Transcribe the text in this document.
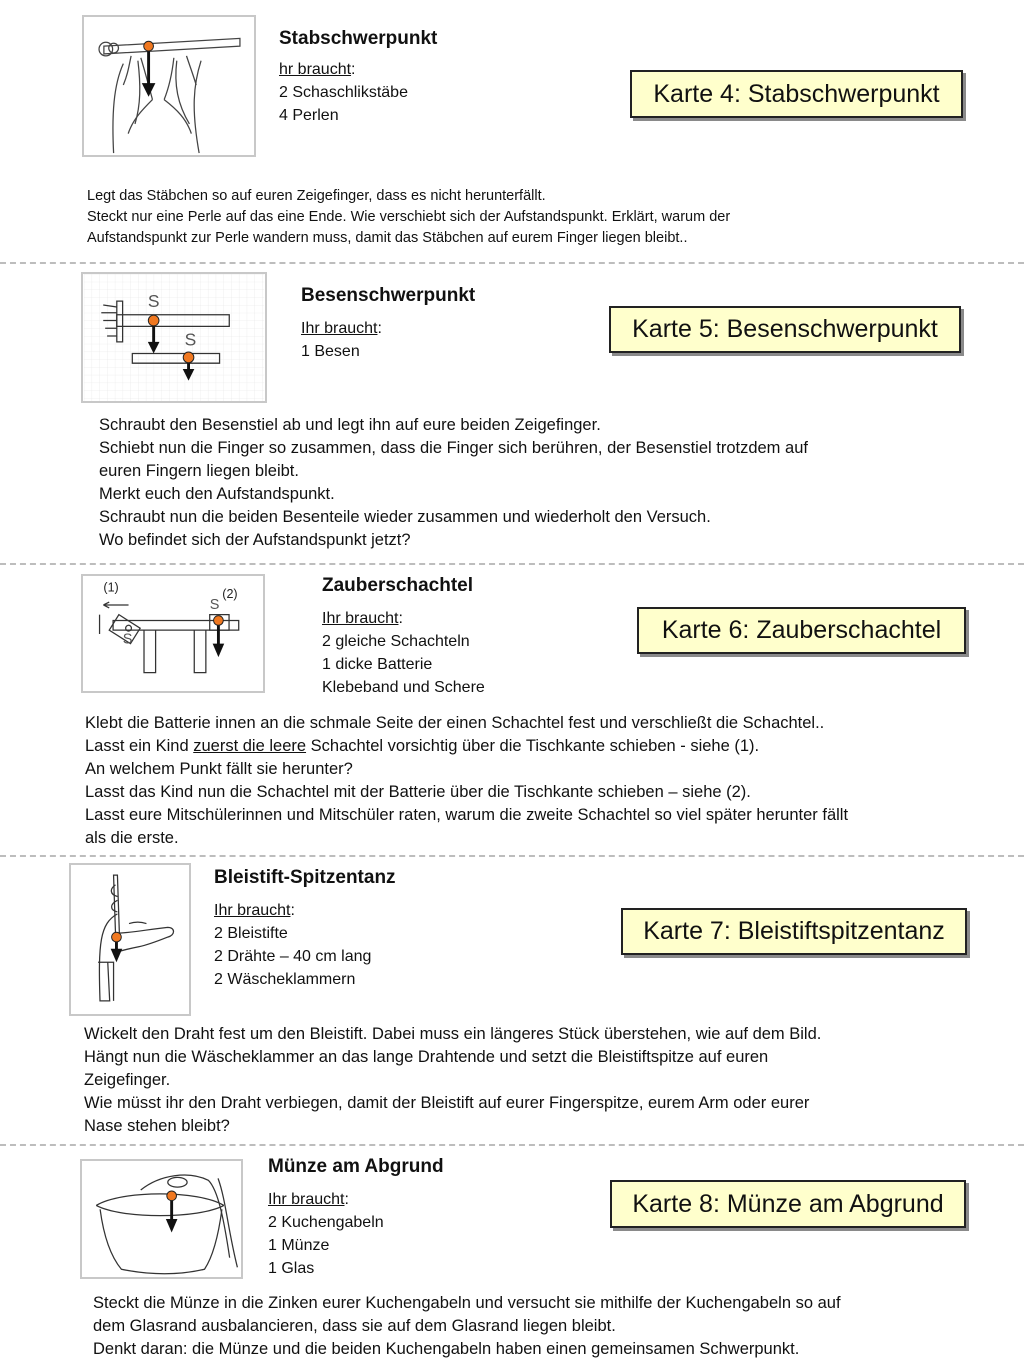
Stabschwerpunkt
hr braucht:
2 Schaschlikstäbe
4 Perlen
Karte 4: Stabschwerpunkt
Legt das Stäbchen so auf euren Zeigefinger, dass es nicht herunterfällt.
Steckt nur eine Perle auf das eine Ende. Wie verschiebt sich der Aufstandspunkt. Erklärt, warum der
Aufstandspunkt zur Perle wandern muss, damit das Stäbchen auf eurem Finger liegen bleibt..
S
S
Besenschwerpunkt
Ihr braucht:
1 Besen
Karte 5: Besenschwerpunkt
Schraubt den Besenstiel ab und legt ihn auf eure beiden Zeigefinger.
Schiebt nun die Finger so zusammen, dass die Finger sich berühren, der Besenstiel trotzdem auf
euren Fingern liegen bleibt.
Merkt euch den Aufstandspunkt.
Schraubt nun die beiden Besenteile wieder zusammen und wiederholt den Versuch.
Wo befindet sich der Aufstandspunkt jetzt?
(1)	(2)
S
S
Zauberschachtel
Ihr braucht:
2 gleiche Schachteln
1 dicke Batterie
Klebeband und Schere
Karte 6: Zauberschachtel
Klebt die Batterie innen an die schmale Seite der einen Schachtel fest und verschließt die Schachtel..
Lasst ein Kind zuerst die leere Schachtel vorsichtig über die Tischkante schieben - siehe (1).
An welchem Punkt fällt sie herunter?
Lasst das Kind nun die Schachtel mit der Batterie über die Tischkante schieben – siehe (2).
Lasst eure Mitschülerinnen und Mitschüler raten, warum die zweite Schachtel so viel später herunter fällt
als die erste.
Bleistift-Spitzentanz
Ihr braucht:
2 Bleistifte
2 Drähte – 40 cm lang
2 Wäscheklammern
Karte 7: Bleistiftspitzentanz
Wickelt den Draht fest um den Bleistift. Dabei muss ein längeres Stück überstehen, wie auf dem Bild.
Hängt nun die Wäscheklammer an das lange Drahtende und setzt die Bleistiftspitze auf euren
Zeigefinger.
Wie müsst ihr den Draht verbiegen, damit der Bleistift auf eurer Fingerspitze, eurem Arm oder eurer
Nase stehen bleibt?
Münze am Abgrund
Ihr braucht:
2 Kuchengabeln
1 Münze
1 Glas
Karte 8: Münze am Abgrund
Steckt die Münze in die Zinken eurer Kuchengabeln und versucht sie mithilfe der Kuchengabeln so auf
dem Glasrand ausbalancieren, dass sie auf dem Glasrand liegen bleibt.
Denkt daran: die Münze und die beiden Kuchengabeln haben einen gemeinsamen Schwerpunkt.
